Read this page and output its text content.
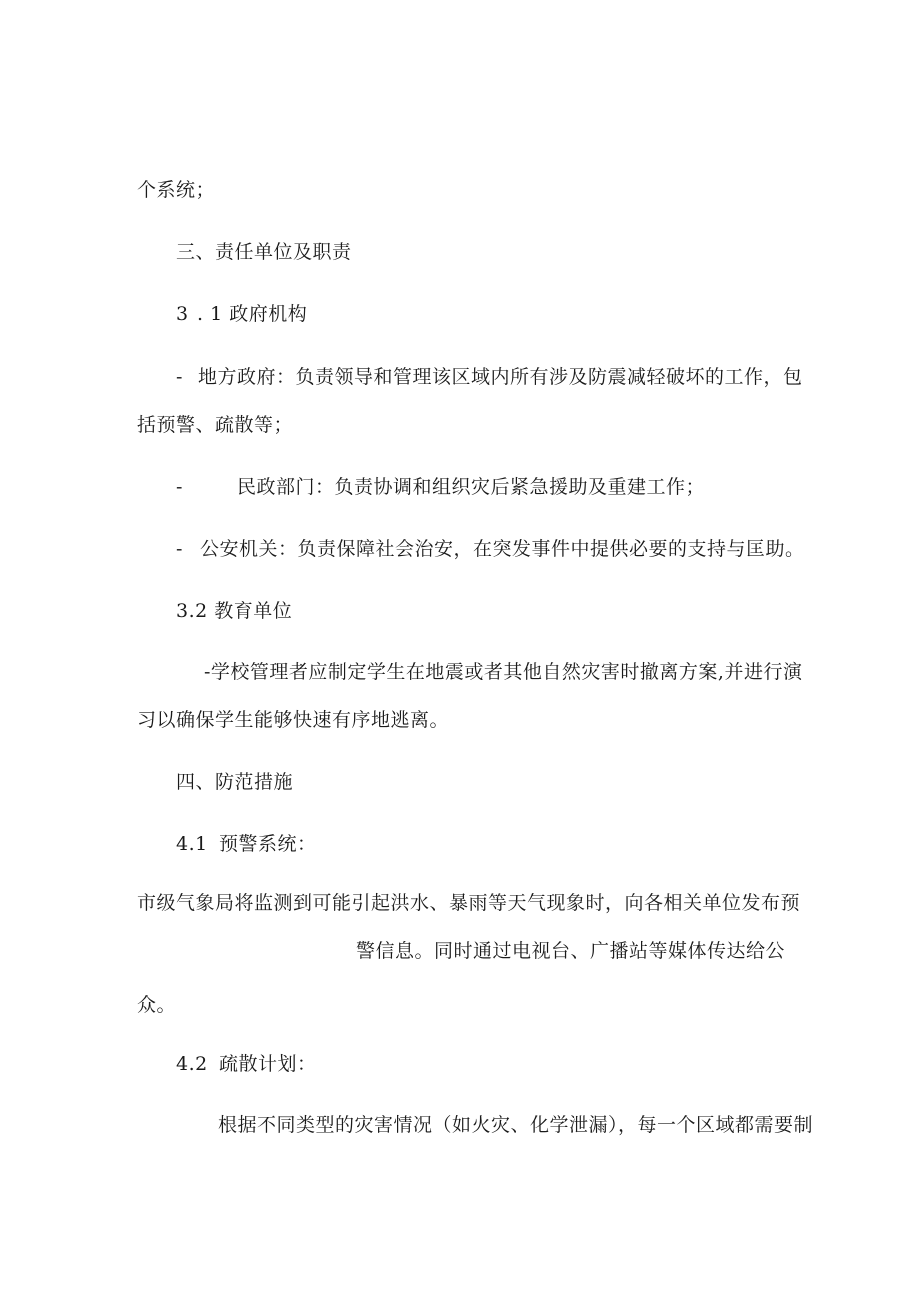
个系统；
三、责任单位及职责
3 . 1 政府机构
- 地方政府：负责领导和管理该区域内所有涉及防震减轻破坏的工作，包
括预警、疏散等；
-	民政部门：负责协调和组织灾后紧急援助及重建工作；
- 公安机关：负责保障社会治安，在突发事件中提供必要的支持与匡助。
3.2 教育单位
-学校管理者应制定学生在地震或者其他自然灾害时撤离方案,并进行演
习以确保学生能够快速有序地逃离。
四、防范措施
4.1 预警系统：
市级气象局将监测到可能引起洪水、暴雨等天气现象时，向各相关单位发布预
警信息。同时通过电视台、广播站等媒体传达给公
众。
4.2 疏散计划：
根据不同类型的灾害情况（如火灾、化学泄漏），每一个区域都需要制
